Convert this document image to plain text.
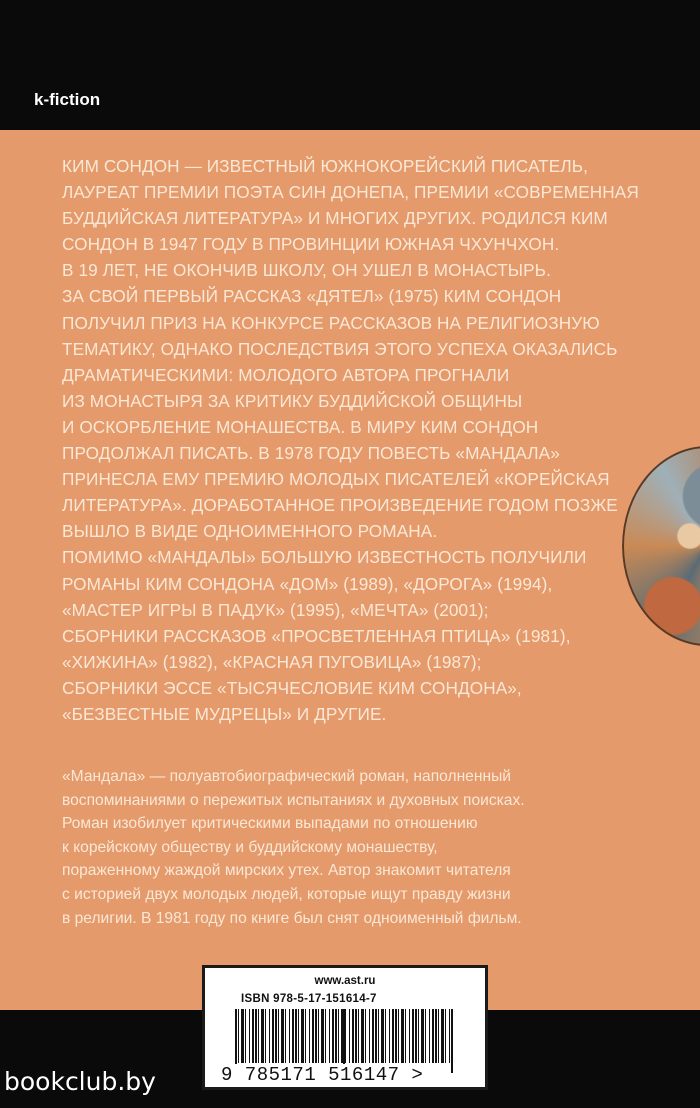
k-fiction
КИМ СОНДОН — ИЗВЕСТНЫЙ ЮЖНОКОРЕЙСКИЙ ПИСАТЕЛЬ,
ЛАУРЕАТ ПРЕМИИ ПОЭТА СИН ДОНЕПА, ПРЕМИИ «СОВРЕМЕННАЯ
БУДДИЙСКАЯ ЛИТЕРАТУРА» И МНОГИХ ДРУГИХ. РОДИЛСЯ КИМ
СОНДОН В 1947 ГОДУ В ПРОВИНЦИИ ЮЖНАЯ ЧХУНЧХОН.
В 19 ЛЕТ, НЕ ОКОНЧИВ ШКОЛУ, ОН УШЕЛ В МОНАСТЫРЬ.
ЗА СВОЙ ПЕРВЫЙ РАССКАЗ «ДЯТЕЛ» (1975) КИМ СОНДОН
ПОЛУЧИЛ ПРИЗ НА КОНКУРСЕ РАССКАЗОВ НА РЕЛИГИОЗНУЮ
ТЕМАТИКУ, ОДНАКО ПОСЛЕДСТВИЯ ЭТОГО УСПЕХА ОКАЗАЛИСЬ
ДРАМАТИЧЕСКИМИ: МОЛОДОГО АВТОРА ПРОГНАЛИ
ИЗ МОНАСТЫРЯ ЗА КРИТИКУ БУДДИЙСКОЙ ОБЩИНЫ
И ОСКОРБЛЕНИЕ МОНАШЕСТВА. В МИРУ КИМ СОНДОН
ПРОДОЛЖАЛ ПИСАТЬ. В 1978 ГОДУ ПОВЕСТЬ «МАНДАЛА»
ПРИНЕСЛА ЕМУ ПРЕМИЮ МОЛОДЫХ ПИСАТЕЛЕЙ «КОРЕЙСКАЯ
ЛИТЕРАТУРА». ДОРАБОТАННОЕ ПРОИЗВЕДЕНИЕ ГОДОМ ПОЗЖЕ
ВЫШЛО В ВИДЕ ОДНОИМЕННОГО РОМАНА.
ПОМИМО «МАНДАЛЫ» БОЛЬШУЮ ИЗВЕСТНОСТЬ ПОЛУЧИЛИ
РОМАНЫ КИМ СОНДОНА «ДОМ» (1989), «ДОРОГА» (1994),
«МАСТЕР ИГРЫ В ПАДУК» (1995), «МЕЧТА» (2001);
СБОРНИКИ РАССКАЗОВ «ПРОСВЕТЛЕННАЯ ПТИЦА» (1981),
«ХИЖИНА» (1982), «КРАСНАЯ ПУГОВИЦА» (1987);
СБОРНИКИ ЭССЕ «ТЫСЯЧЕСЛОВИЕ КИМ СОНДОНА»,
«БЕЗВЕСТНЫЕ МУДРЕЦЫ» И ДРУГИЕ.
«Мандала» — полуавтобиографический роман, наполненный
воспоминаниями о пережитых испытаниях и духовных поисках.
Роман изобилует критическими выпадами по отношению
к корейскому обществу и буддийскому монашеству,
пораженному жаждой мирских утех. Автор знакомит читателя
с историей двух молодых людей, которые ищут правду жизни
в религии. В 1981 году по книге был снят одноименный фильм.
www.ast.ru
ISBN 978-5-17-151614-7
9 785171 516147 >
bookclub.by
